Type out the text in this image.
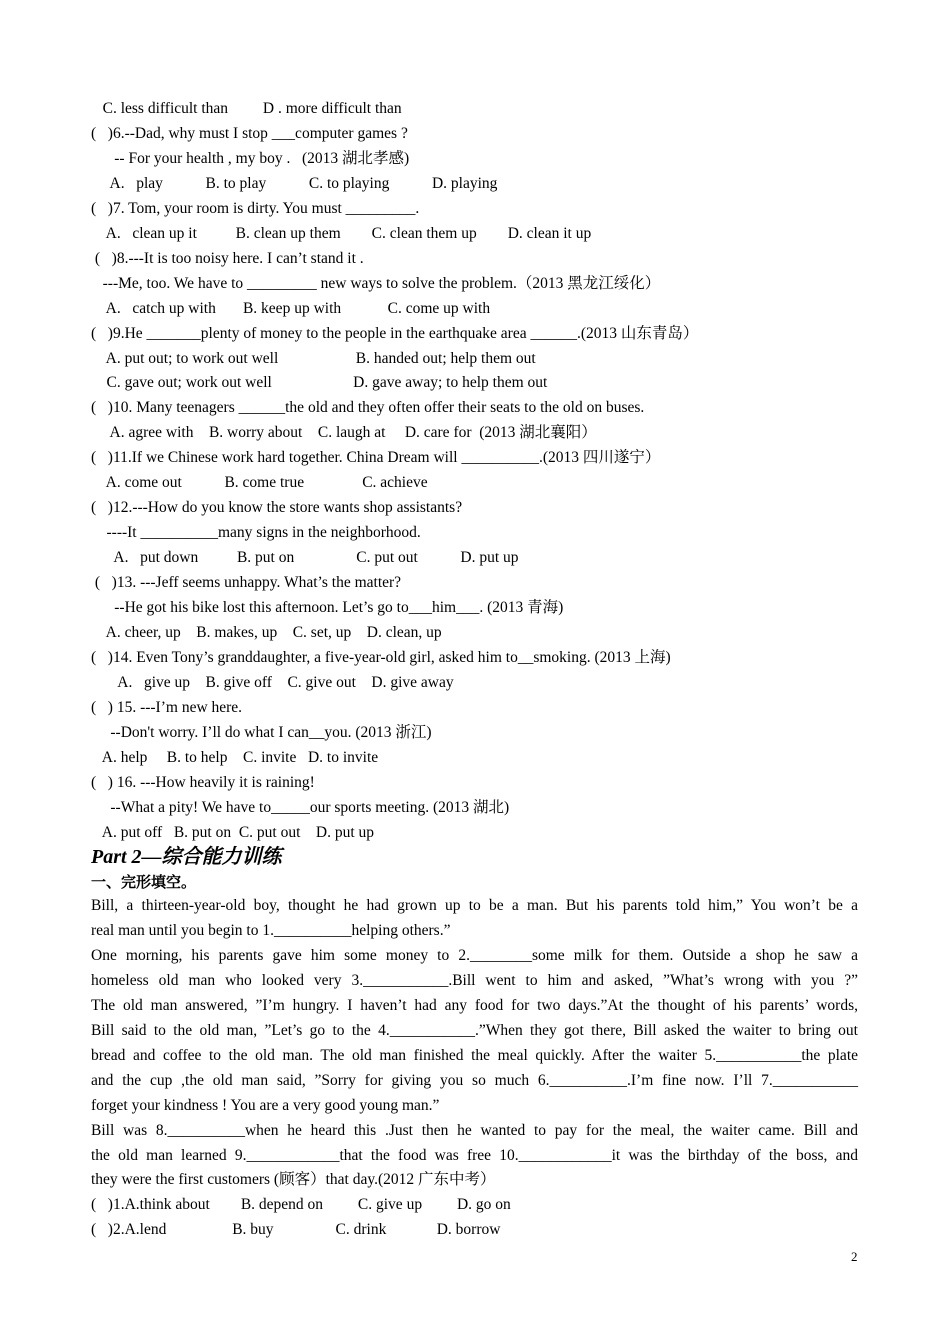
C. less difficult than         D . more difficult than
(   )6.--Dad, why must I stop ___computer games ?
-- For your health , my boy .   (2013 湖北孝感)
A.   play           B. to play           C. to playing           D. playing
(   )7. Tom, your room is dirty. You must _________.
A.   clean up it          B. clean up them        C. clean them up        D. clean it up
(   )8.---It is too noisy here. I can’t stand it .
---Me, too. We have to _________ new ways to solve the problem.（2013 黑龙江绥化）
A.   catch up with       B. keep up with            C. come up with
(   )9.He _______plenty of money to the people in the earthquake area ______.(2013 山东青岛）
A. put out; to work out well                    B. handed out; help them out
C. gave out; work out well                     D. gave away; to help them out
(   )10. Many teenagers ______the old and they often offer their seats to the old on buses.
A. agree with    B. worry about    C. laugh at     D. care for  (2013 湖北襄阳）
(   )11.If we Chinese work hard together. China Dream will __________.(2013 四川遂宁）
A. come out           B. come true               C. achieve
(   )12.---How do you know the store wants shop assistants?
----It __________many signs in the neighborhood.
A.   put down          B. put on                C. put out           D. put up
(   )13. ---Jeff seems unhappy. What’s the matter?
--He got his bike lost this afternoon. Let’s go to___him___. (2013 青海)
A. cheer, up    B. makes, up    C. set, up    D. clean, up
(   )14. Even Tony’s granddaughter, a five-year-old girl, asked him to__smoking. (2013 上海)
A.   give up    B. give off    C. give out    D. give away
(   ) 15. ---I’m new here.
--Don't worry. I’ll do what I can__you. (2013 浙江)
A. help     B. to help    C. invite   D. to invite
(   ) 16. ---How heavily it is raining!
--What a pity! We have to_____our sports meeting. (2013 湖北)
A. put off   B. put on  C. put out    D. put up
Part 2—综合能力训练
一、完形填空。
Bill, a thirteen-year-old boy, thought he had grown up to be a man. But his parents told him,” You won’t be a
real man until you begin to 1.__________helping others.”
One morning, his parents gave him some money to 2.________some milk for them. Outside a shop he saw a
homeless old man who looked very 3.___________.Bill went to him and asked, ”What’s wrong with you ?”
The old man answered, ”I’m hungry. I haven’t had any food for two days.”At the thought of his parents’ words,
Bill said to the old man, ”Let’s go to the 4.___________.”When they got there, Bill asked the waiter to bring out
bread and coffee to the old man. The old man finished the meal quickly. After the waiter 5.___________the plate
and the cup ,the old man said, ”Sorry for giving you so much 6.__________.I’m fine now. I’ll 7.___________
forget your kindness ! You are a very good young man.”
Bill was 8.__________when he heard this .Just then he wanted to pay for the meal, the waiter came. Bill and
the old man learned 9.____________that the food was free 10.____________it was the birthday of the boss, and
they were the first customers (顾客）that day.(2012 广东中考）
(   )1.A.think about        B. depend on         C. give up         D. go on
(   )2.A.lend                 B. buy                C. drink             D. borrow
2
